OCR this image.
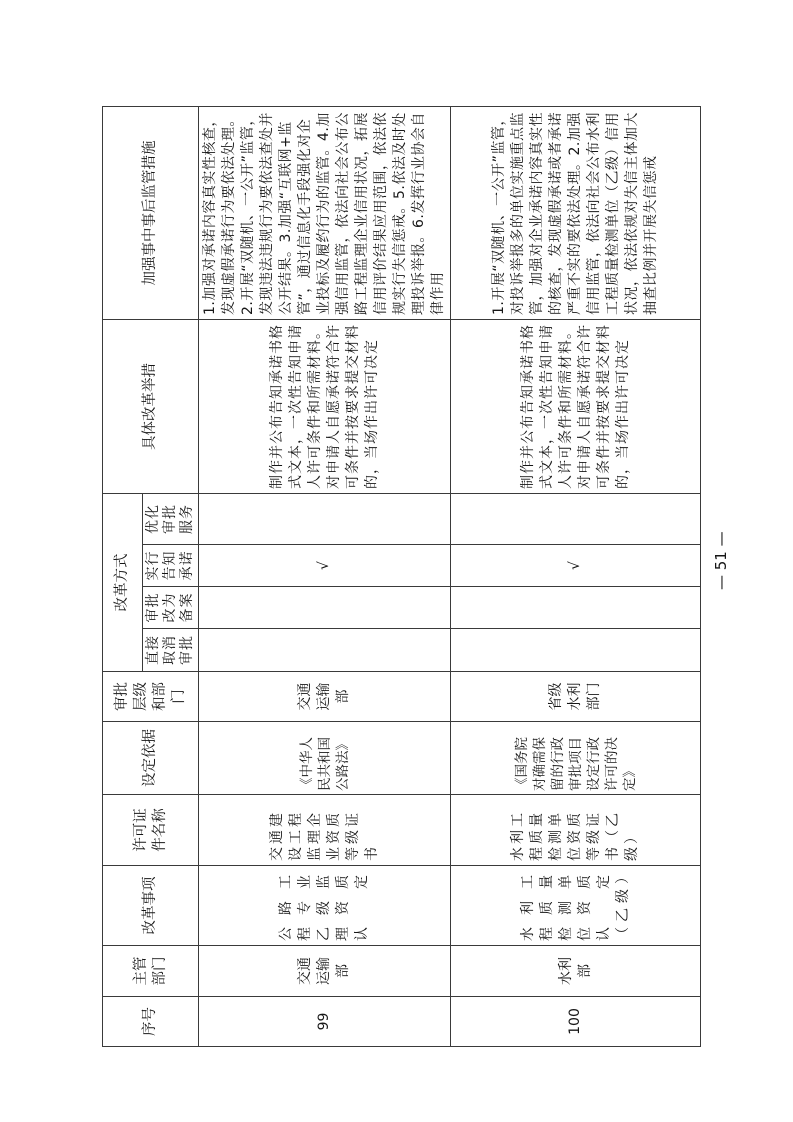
序号	主管部门	改革事项	许可证件名称	设定依据	审批层级和部门	改革方式				具体改革举措	加强事中事后监管措施
						直接取消审批	审批改为备案	实行告知承诺	优化审批服务		
99	交通运输部	公路工程专业乙级监理资质认定	交通建设工程监理企业资质等级证书	《中华人民共和国公路法》	交通运输部			√		制作并公布告知承诺书格式文本，一次性告知申请人许可条件和所需材料。对申请人自愿承诺符合许可条件并按要求提交材料的，当场作出许可决定	1.加强对承诺内容真实性核查，发现虚假承诺行为要依法处理。2.开展“双随机、一公开”监管，发现违法违规行为要依法查处并公开结果。3.加强“互联网+监管”，通过信息化手段强化对企业投标及履约行为的监管。4.加强信用监管，依法向社会公布公路工程监理企业信用状况，拓展信用评价结果应用范围，依法依规实行失信惩戒。5.依法及时处理投诉举报。6.发挥行业协会自律作用
100	水利部	水利工程质量检测单位资质认定（乙级）	水利工程质量检测单位资质等级证书（乙级）	《国务院对确需保留的行政审批项目设定行政许可的决定》	省级水利部门			√		制作并公布告知承诺书格式文本，一次性告知申请人许可条件和所需材料。对申请人自愿承诺符合许可条件并按要求提交材料的，当场作出许可决定	1.开展“双随机、一公开”监管，对投诉举报多的单位实施重点监管，加强对企业承诺内容真实性的核查，发现虚假承诺或者承诺严重不实的要依法处理。2.加强信用监管，依法向社会公布水利工程质量检测单位（乙级）信用状况，依法依规对失信主体加大抽查比例并开展失信惩戒
— 51 —
